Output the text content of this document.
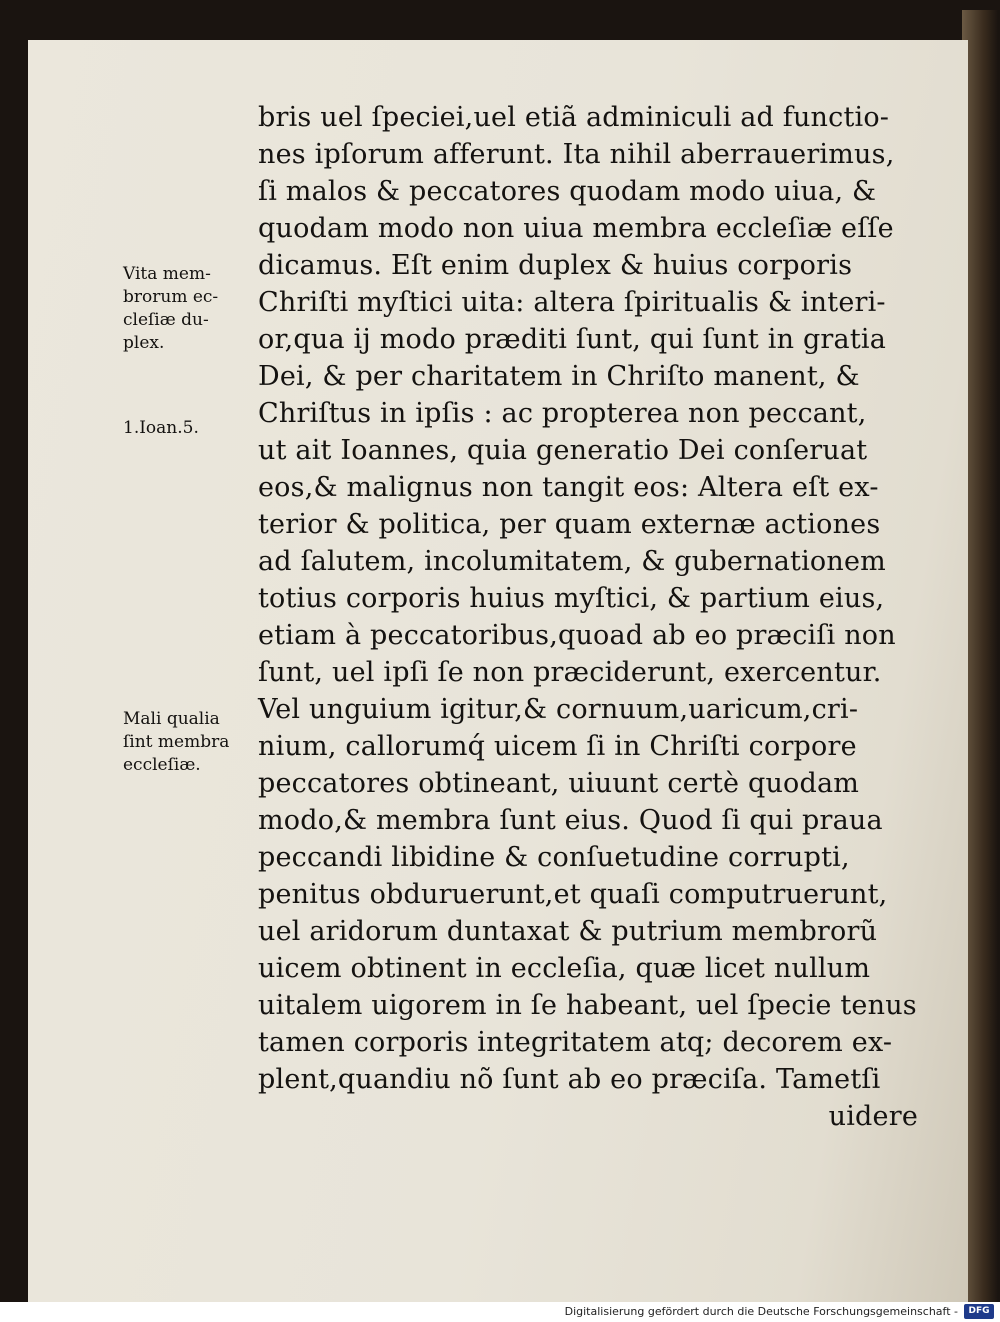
bris uel ſpeciei,uel etiã adminiculi ad functio-
nes ipſorum afferunt. Ita nihil aberrauerimus,
ſi malos & peccatores quodam modo uiua, &
quodam modo non uiua membra eccleſiæ eſſe
dicamus. Eſt enim duplex & huius corporis
Chriſti myſtici uita: altera ſpiritualis & interi-
or,qua ij modo præditi ſunt, qui ſunt in gratia
Dei, & per charitatem in Chriſto manent, &
Chriſtus in ipſis : ac propterea non peccant,
ut ait Ioannes, quia generatio Dei conſeruat
eos,& malignus non tangit eos: Altera eſt ex-
terior & politica, per quam externæ actiones
ad ſalutem, incolumitatem, & gubernationem
totius corporis huius myſtici, & partium eius,
etiam à peccatoribus,quoad ab eo præciſi non
ſunt, uel ipſi ſe non præciderunt, exercentur.
Vel unguium igitur,& cornuum,uaricum,cri-
nium, callorumq́ uicem ſi in Chriſti corpore
peccatores obtineant, uiuunt certè quodam
modo,& membra ſunt eius. Quod ſi qui praua
peccandi libidine & conſuetudine corrupti,
penitus obduruerunt,et quaſi computruerunt,
uel aridorum duntaxat & putrium membrorũ
uicem obtinent in eccleſia, quæ licet nullum
uitalem uigorem in ſe habeant, uel ſpecie tenus
tamen corporis integritatem atq; decorem ex-
plent,quandiu nõ ſunt ab eo præciſa. Tametſi
uidere
Vita mem-
brorum ec-
cleſiæ du-
plex.
1.Ioan.5.
Mali qualia
ſint membra
eccleſiæ.
Digitalisierung gefördert durch die Deutsche Forschungsgemeinschaft -	DFG
